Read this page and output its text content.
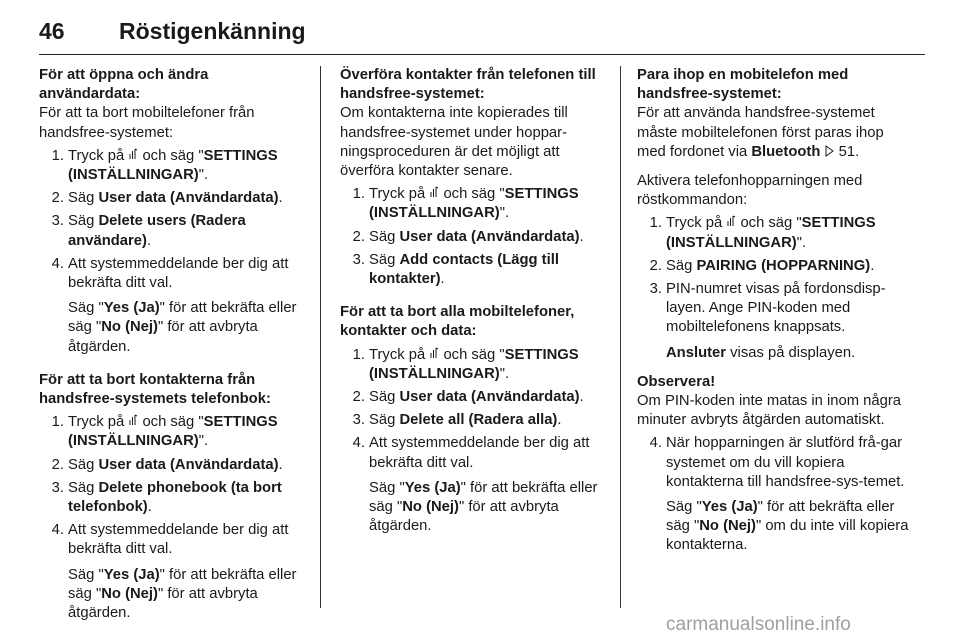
46 Röstigenkänning

För att öppna och ändra användardata:

För att ta bort mobiltelefoner från handsfree-systemet:

1. Tryck på och säg "SETTINGS (INSTÄLLNINGAR)".
2. Säg User data (Användardata).
3. Säg Delete users (Radera användare).
4. Att systemmeddelande ber dig att bekräfta ditt val.

Säg "Yes (Ja)" för att bekräfta eller säg "No (Nej)" för att avbryta åtgärden.

För att ta bort kontakterna från handsfree-systemets telefonbok:

1. Tryck på och säg "SETTINGS (INSTÄLLNINGAR)".
2. Säg User data (Användardata).
3. Säg Delete phonebook (ta bort telefonbok).
4. Att systemmeddelande ber dig att bekräfta ditt val.

Säg "Yes (Ja)" för att bekräfta eller säg "No (Nej)" för att avbryta åtgärden.

Överföra kontakter från telefonen till handsfree-systemet:

Om kontakterna inte kopierades till handsfree-systemet under hoppar-ningsproceduren är det möjligt att överföra kontakter senare.

1. Tryck på och säg "SETTINGS (INSTÄLLNINGAR)".
2. Säg User data (Användardata).
3. Säg Add contacts (Lägg till kontakter).

För att ta bort alla mobiltelefoner, kontakter och data:

1. Tryck på och säg "SETTINGS (INSTÄLLNINGAR)".
2. Säg User data (Användardata).
3. Säg Delete all (Radera alla).
4. Att systemmeddelande ber dig att bekräfta ditt val.

Säg "Yes (Ja)" för att bekräfta eller säg "No (Nej)" för att avbryta åtgärden.

Para ihop en mobitelefon med handsfree-systemet:

För att använda handsfree-systemet måste mobiltelefonen först paras ihop med fordonet via Bluetooth 51.

Aktivera telefonhopparningen med röstkommandon:

1. Tryck på och säg "SETTINGS (INSTÄLLNINGAR)".
2. Säg PAIRING (HOPPARNING).
3. PIN-numret visas på fordonsdisp-layen. Ange PIN-koden med mobiltelefonens knappsats.

Ansluter visas på displayen.

Observera!

Om PIN-koden inte matas in inom några minuter avbryts åtgärden automatiskt.

4. När hopparningen är slutförd frå-gar systemet om du vill kopiera kontakterna till handsfree-sys-temet.

Säg "Yes (Ja)" för att bekräfta eller säg "No (Nej)" om du inte vill kopiera kontakterna.

carmanualsonline.info
